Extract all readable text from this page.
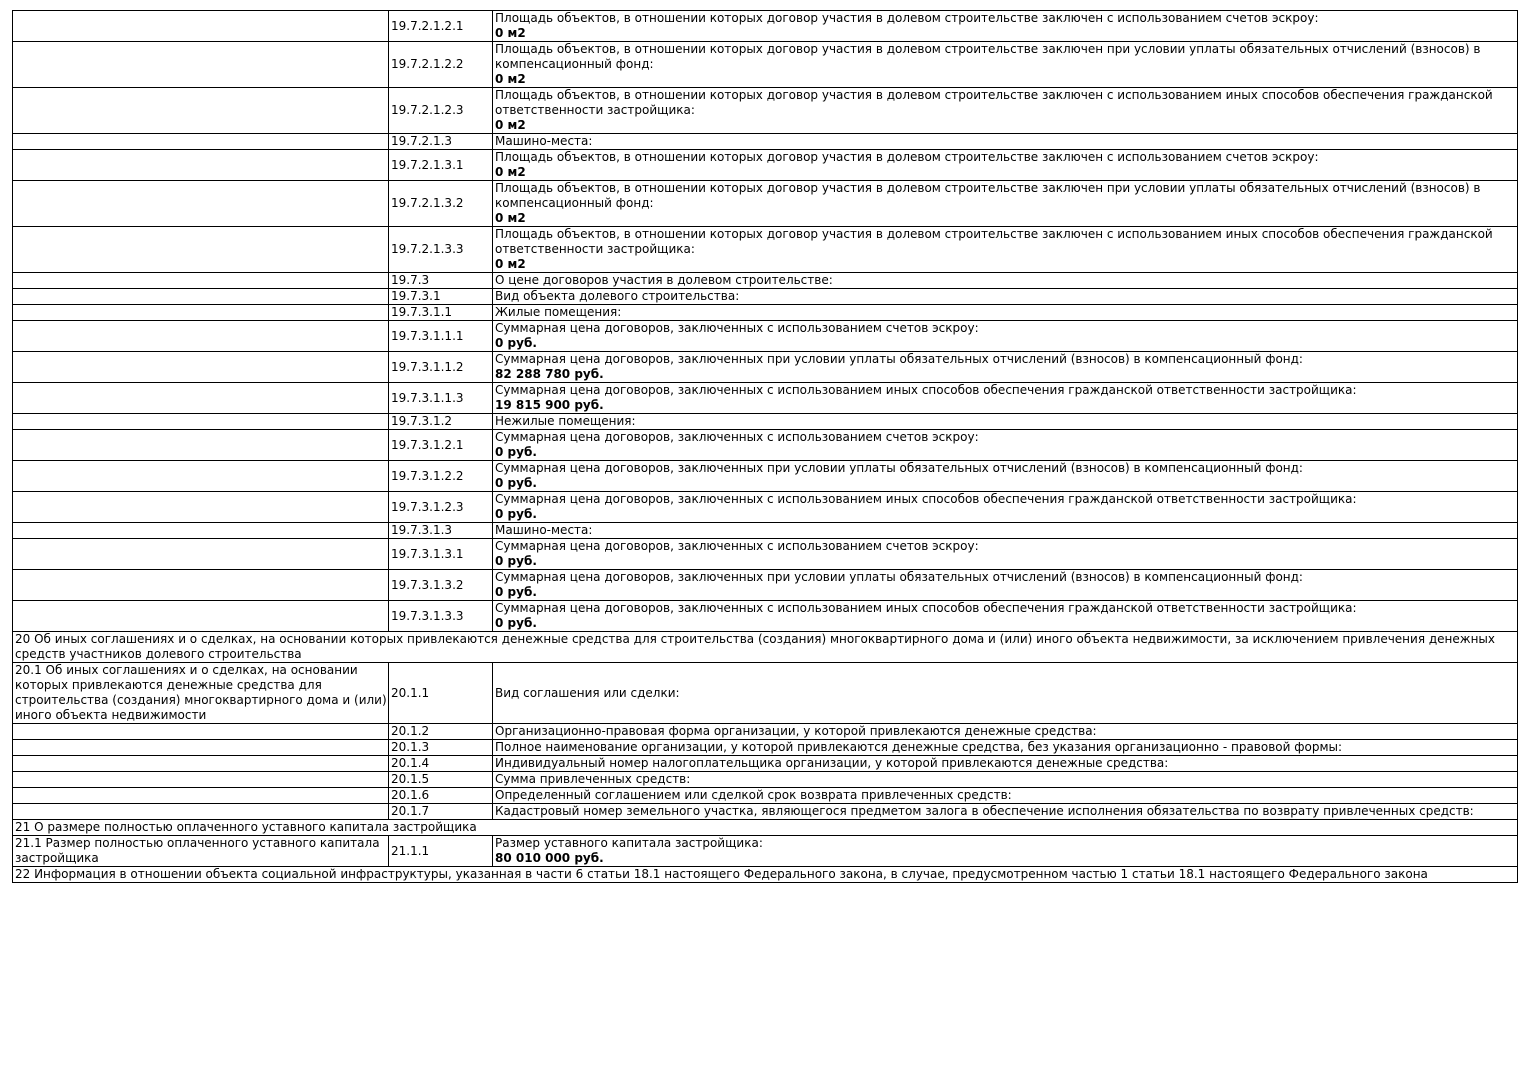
	19.7.2.1.2.1	Площадь объектов, в отношении которых договор участия в долевом строительстве заключен с использованием счетов эскроу:
0 м2

	19.7.2.1.2.2	Площадь объектов, в отношении которых договор участия в долевом строительстве заключен при условии уплаты обязательных отчислений (взносов) в компенсационный фонд:
0 м2

	19.7.2.1.2.3	Площадь объектов, в отношении которых договор участия в долевом строительстве заключен с использованием иных способов обеспечения гражданской ответственности застройщика:
0 м2

	19.7.2.1.3	Машино-места:

	19.7.2.1.3.1	Площадь объектов, в отношении которых договор участия в долевом строительстве заключен с использованием счетов эскроу:
0 м2

	19.7.2.1.3.2	Площадь объектов, в отношении которых договор участия в долевом строительстве заключен при условии уплаты обязательных отчислений (взносов) в компенсационный фонд:
0 м2

	19.7.2.1.3.3	Площадь объектов, в отношении которых договор участия в долевом строительстве заключен с использованием иных способов обеспечения гражданской ответственности застройщика:
0 м2

	19.7.3	О цене договоров участия в долевом строительстве:

	19.7.3.1	Вид объекта долевого строительства:

	19.7.3.1.1	Жилые помещения:

	19.7.3.1.1.1	Суммарная цена договоров, заключенных с использованием счетов эскроу:
0 руб.

	19.7.3.1.1.2	Суммарная цена договоров, заключенных при условии уплаты обязательных отчислений (взносов) в компенсационный фонд:
82 288 780 руб.

	19.7.3.1.1.3	Суммарная цена договоров, заключенных с использованием иных способов обеспечения гражданской ответственности застройщика:
19 815 900 руб.

	19.7.3.1.2	Нежилые помещения:

	19.7.3.1.2.1	Суммарная цена договоров, заключенных с использованием счетов эскроу:
0 руб.

	19.7.3.1.2.2	Суммарная цена договоров, заключенных при условии уплаты обязательных отчислений (взносов) в компенсационный фонд:
0 руб.

	19.7.3.1.2.3	Суммарная цена договоров, заключенных с использованием иных способов обеспечения гражданской ответственности застройщика:
0 руб.

	19.7.3.1.3	Машино-места:

	19.7.3.1.3.1	Суммарная цена договоров, заключенных с использованием счетов эскроу:
0 руб.

	19.7.3.1.3.2	Суммарная цена договоров, заключенных при условии уплаты обязательных отчислений (взносов) в компенсационный фонд:
0 руб.

	19.7.3.1.3.3	Суммарная цена договоров, заключенных с использованием иных способов обеспечения гражданской ответственности застройщика:
0 руб.

20 Об иных соглашениях и о сделках, на основании которых привлекаются денежные средства для строительства (создания) многоквартирного дома и (или) иного объекта недвижимости, за исключением привлечения денежных средств участников долевого строительства		
20.1 Об иных соглашениях и о сделках, на основании которых привлекаются денежные средства для строительства (создания) многоквартирного дома и (или) иного объекта недвижимости	20.1.1	Вид соглашения или сделки:

	20.1.2	Организационно-правовая форма организации, у которой привлекаются денежные средства:

	20.1.3	Полное наименование организации, у которой привлекаются денежные средства, без указания организационно - правовой формы:

	20.1.4	Индивидуальный номер налогоплательщика организации, у которой привлекаются денежные средства:

	20.1.5	Сумма привлеченных средств:

	20.1.6	Определенный соглашением или сделкой срок возврата привлеченных средств:

	20.1.7	Кадастровый номер земельного участка, являющегося предметом залога в обеспечение исполнения обязательства по возврату привлеченных средств:

21 О размере полностью оплаченного уставного капитала застройщика		
21.1 Размер полностью оплаченного уставного капитала застройщика	21.1.1	Размер уставного капитала застройщика:
80 010 000 руб.

22 Информация в отношении объекта социальной инфраструктуры, указанная в части 6 статьи 18.1 настоящего Федерального закона, в случае, предусмотренном частью 1 статьи 18.1 настоящего Федерального закона		
